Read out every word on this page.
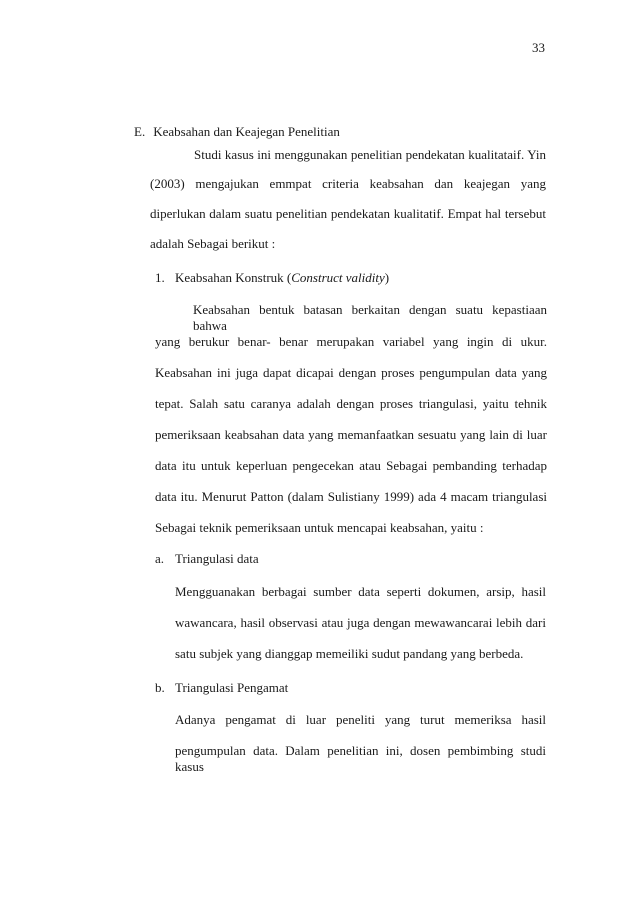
33
E. Keabsahan dan Keajegan Penelitian
Studi kasus ini menggunakan penelitian pendekatan kualitataif. Yin
(2003) mengajukan emmpat criteria keabsahan dan keajegan yang
diperlukan dalam suatu penelitian pendekatan kualitatif. Empat hal tersebut
adalah Sebagai berikut :
1. Keabsahan Konstruk (Construct validity)
Keabsahan bentuk batasan berkaitan dengan suatu kepastiaan bahwa
yang berukur benar- benar merupakan variabel yang ingin di ukur.
Keabsahan ini juga dapat dicapai dengan proses pengumpulan data yang
tepat. Salah satu caranya adalah dengan proses triangulasi, yaitu tehnik
pemeriksaan keabsahan data yang memanfaatkan sesuatu yang lain di luar
data itu untuk keperluan pengecekan atau Sebagai pembanding terhadap
data itu. Menurut Patton (dalam Sulistiany 1999) ada 4 macam triangulasi
Sebagai teknik pemeriksaan untuk mencapai keabsahan, yaitu :
a. Triangulasi data
Mengguanakan berbagai sumber data seperti dokumen, arsip, hasil
wawancara, hasil observasi atau juga dengan mewawancarai lebih dari
satu subjek yang dianggap memeiliki sudut pandang yang berbeda.
b. Triangulasi Pengamat
Adanya pengamat di luar peneliti yang turut memeriksa hasil
pengumpulan data. Dalam penelitian ini, dosen pembimbing studi kasus
